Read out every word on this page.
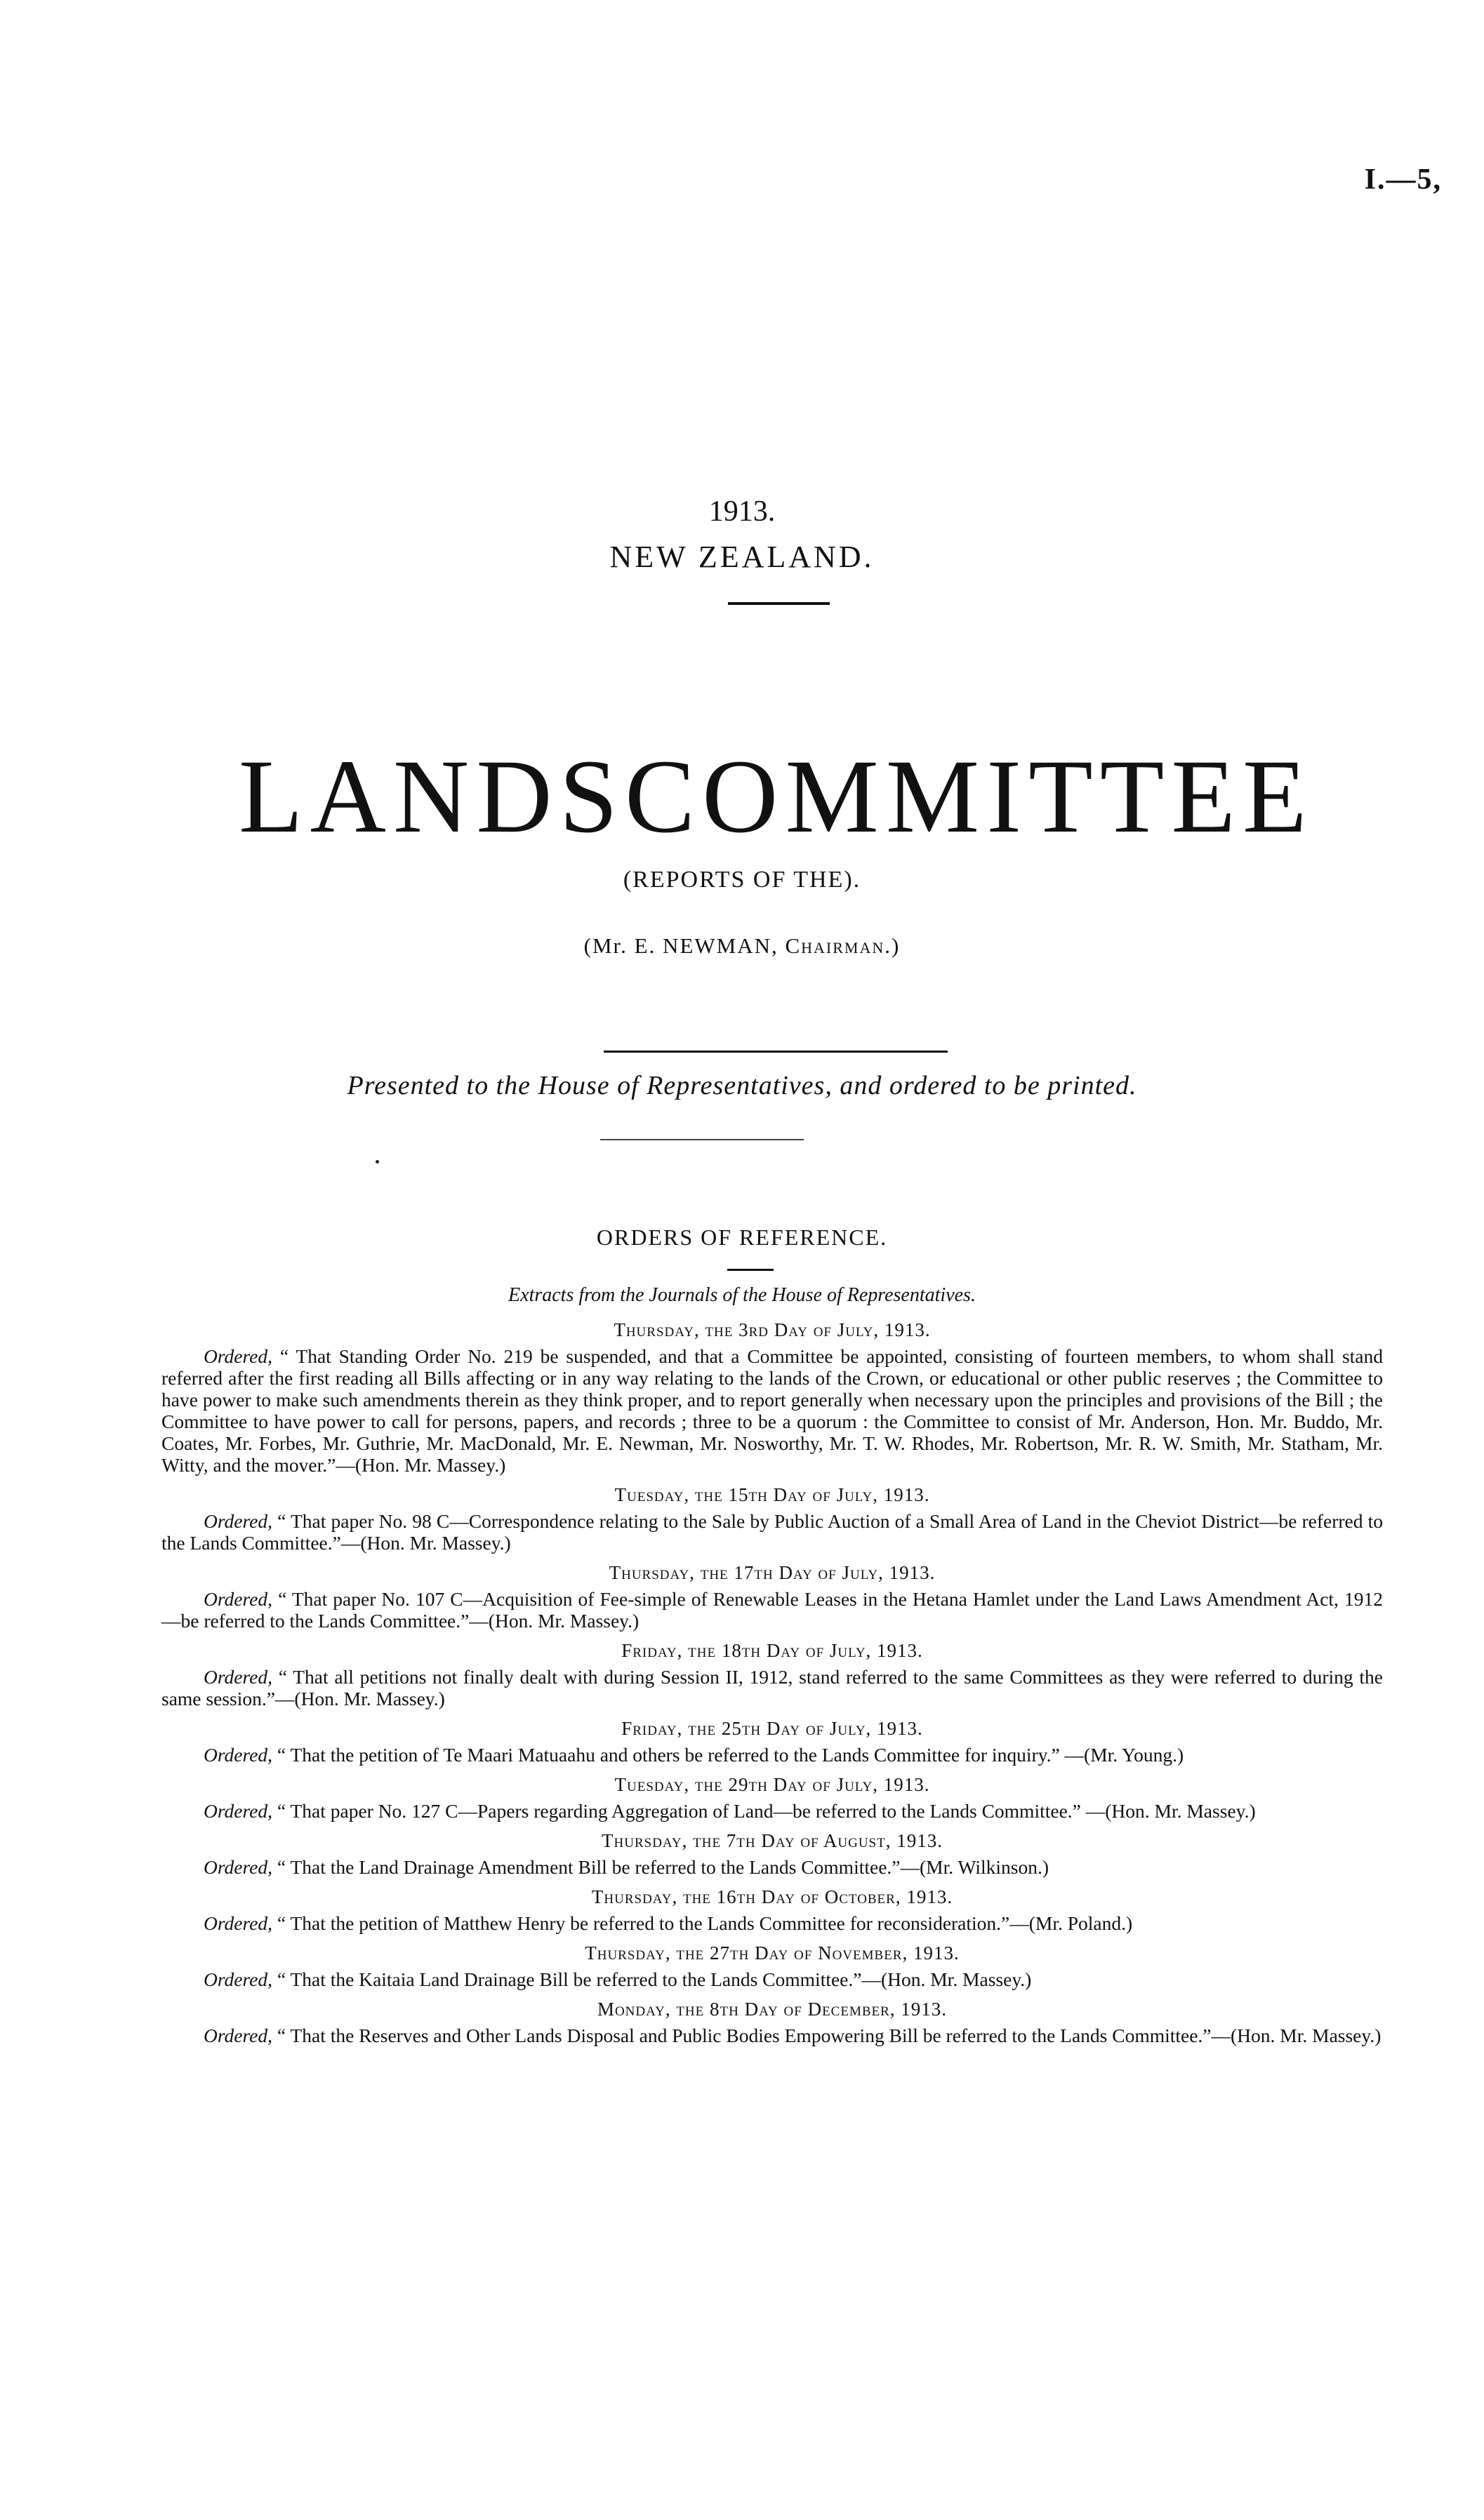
I.—5,
1913.
NEW ZEALAND.
LANDS COMMITTEE
(REPORTS OF THE).
(Mr. E. NEWMAN, Chairman.)
Presented to the House of Representatives, and ordered to be printed.
ORDERS OF REFERENCE.
Extracts from the Journals of the House of Representatives.
Thursday, the 3rd Day of July, 1913.

Ordered, “ That Standing Order No. 219 be suspended, and that a Committee be appointed, consisting of fourteen members, to whom shall stand referred after the first reading all Bills affecting or in any way relating to the lands of the Crown, or educational or other public reserves ; the Committee to have power to make such amendments therein as they think proper, and to report generally when necessary upon the principles and provisions of the Bill ; the Committee to have power to call for persons, papers, and records ; three to be a quorum : the Committee to consist of Mr. Anderson, Hon. Mr. Buddo, Mr. Coates, Mr. Forbes, Mr. Guthrie, Mr. MacDonald, Mr. E. Newman, Mr. Nosworthy, Mr. T. W. Rhodes, Mr. Robertson, Mr. R. W. Smith, Mr. Statham, Mr. Witty, and the mover.”—(Hon. Mr. Massey.)

Tuesday, the 15th Day of July, 1913.

Ordered, “ That paper No. 98 C—Correspondence relating to the Sale by Public Auction of a Small Area of Land in the Cheviot District—be referred to the Lands Committee.”—(Hon. Mr. Massey.)

Thursday, the 17th Day of July, 1913.

Ordered, “ That paper No. 107 C—Acquisition of Fee-simple of Renewable Leases in the Hetana Hamlet under the Land Laws Amendment Act, 1912—be referred to the Lands Committee.”—(Hon. Mr. Massey.)

Friday, the 18th Day of July, 1913.

Ordered, “ That all petitions not finally dealt with during Session II, 1912, stand referred to the same Committees as they were referred to during the same session.”—(Hon. Mr. Massey.)

Friday, the 25th Day of July, 1913.

Ordered, “ That the petition of Te Maari Matuaahu and others be referred to the Lands Committee for inquiry.” —(Mr. Young.)

Tuesday, the 29th Day of July, 1913.

Ordered, “ That paper No. 127 C—Papers regarding Aggregation of Land—be referred to the Lands Committee.” —(Hon. Mr. Massey.)

Thursday, the 7th Day of August, 1913.

Ordered, “ That the Land Drainage Amendment Bill be referred to the Lands Committee.”—(Mr. Wilkinson.)

Thursday, the 16th Day of October, 1913.

Ordered, “ That the petition of Matthew Henry be referred to the Lands Committee for reconsideration.”—(Mr. Poland.)

Thursday, the 27th Day of November, 1913.

Ordered, “ That the Kaitaia Land Drainage Bill be referred to the Lands Committee.”—(Hon. Mr. Massey.)

Monday, the 8th Day of December, 1913.

Ordered, “ That the Reserves and Other Lands Disposal and Public Bodies Empowering Bill be referred to the Lands Committee.”—(Hon. Mr. Massey.)
